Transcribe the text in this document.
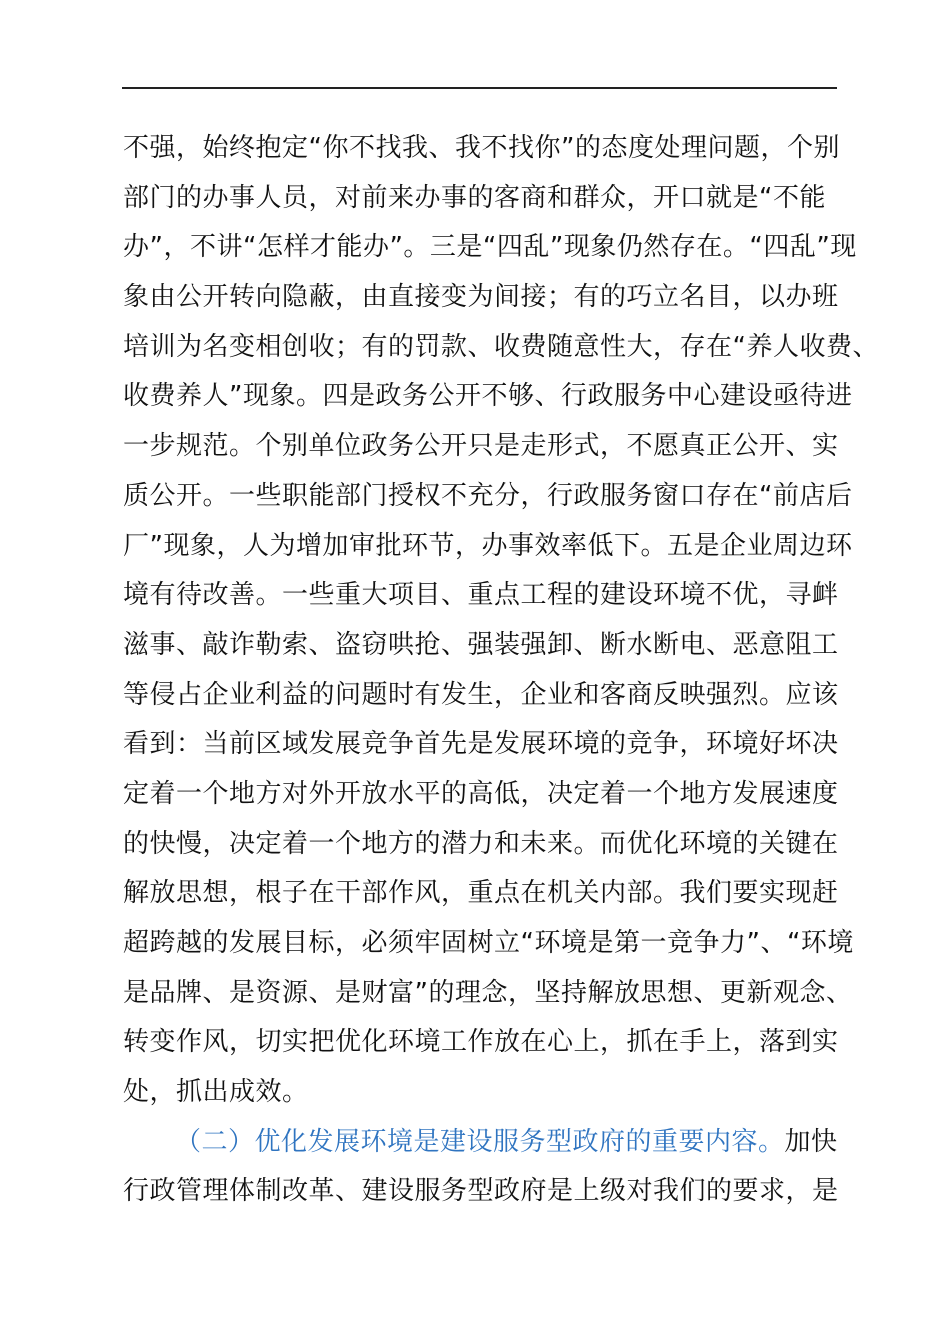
不强，始终抱定“你不找我、我不找你”的态度处理问题，个别
部门的办事人员，对前来办事的客商和群众，开口就是“不能
办”，不讲“怎样才能办”。三是“四乱”现象仍然存在。“四乱”现
象由公开转向隐蔽，由直接变为间接；有的巧立名目，以办班
培训为名变相创收；有的罚款、收费随意性大，存在“养人收费、
收费养人”现象。四是政务公开不够、行政服务中心建设亟待进
一步规范。个别单位政务公开只是走形式，不愿真正公开、实
质公开。一些职能部门授权不充分，行政服务窗口存在“前店后
厂”现象，人为增加审批环节，办事效率低下。五是企业周边环
境有待改善。一些重大项目、重点工程的建设环境不优，寻衅
滋事、敲诈勒索、盗窃哄抢、强装强卸、断水断电、恶意阻工
等侵占企业利益的问题时有发生，企业和客商反映强烈。应该
看到：当前区域发展竞争首先是发展环境的竞争，环境好坏决
定着一个地方对外开放水平的高低，决定着一个地方发展速度
的快慢，决定着一个地方的潜力和未来。而优化环境的关键在
解放思想，根子在干部作风，重点在机关内部。我们要实现赶
超跨越的发展目标，必须牢固树立“环境是第一竞争力”、“环境
是品牌、是资源、是财富”的理念，坚持解放思想、更新观念、
转变作风，切实把优化环境工作放在心上，抓在手上，落到实
处，抓出成效。
（二）优化发展环境是建设服务型政府的重要内容。加快
行政管理体制改革、建设服务型政府是上级对我们的要求，是
